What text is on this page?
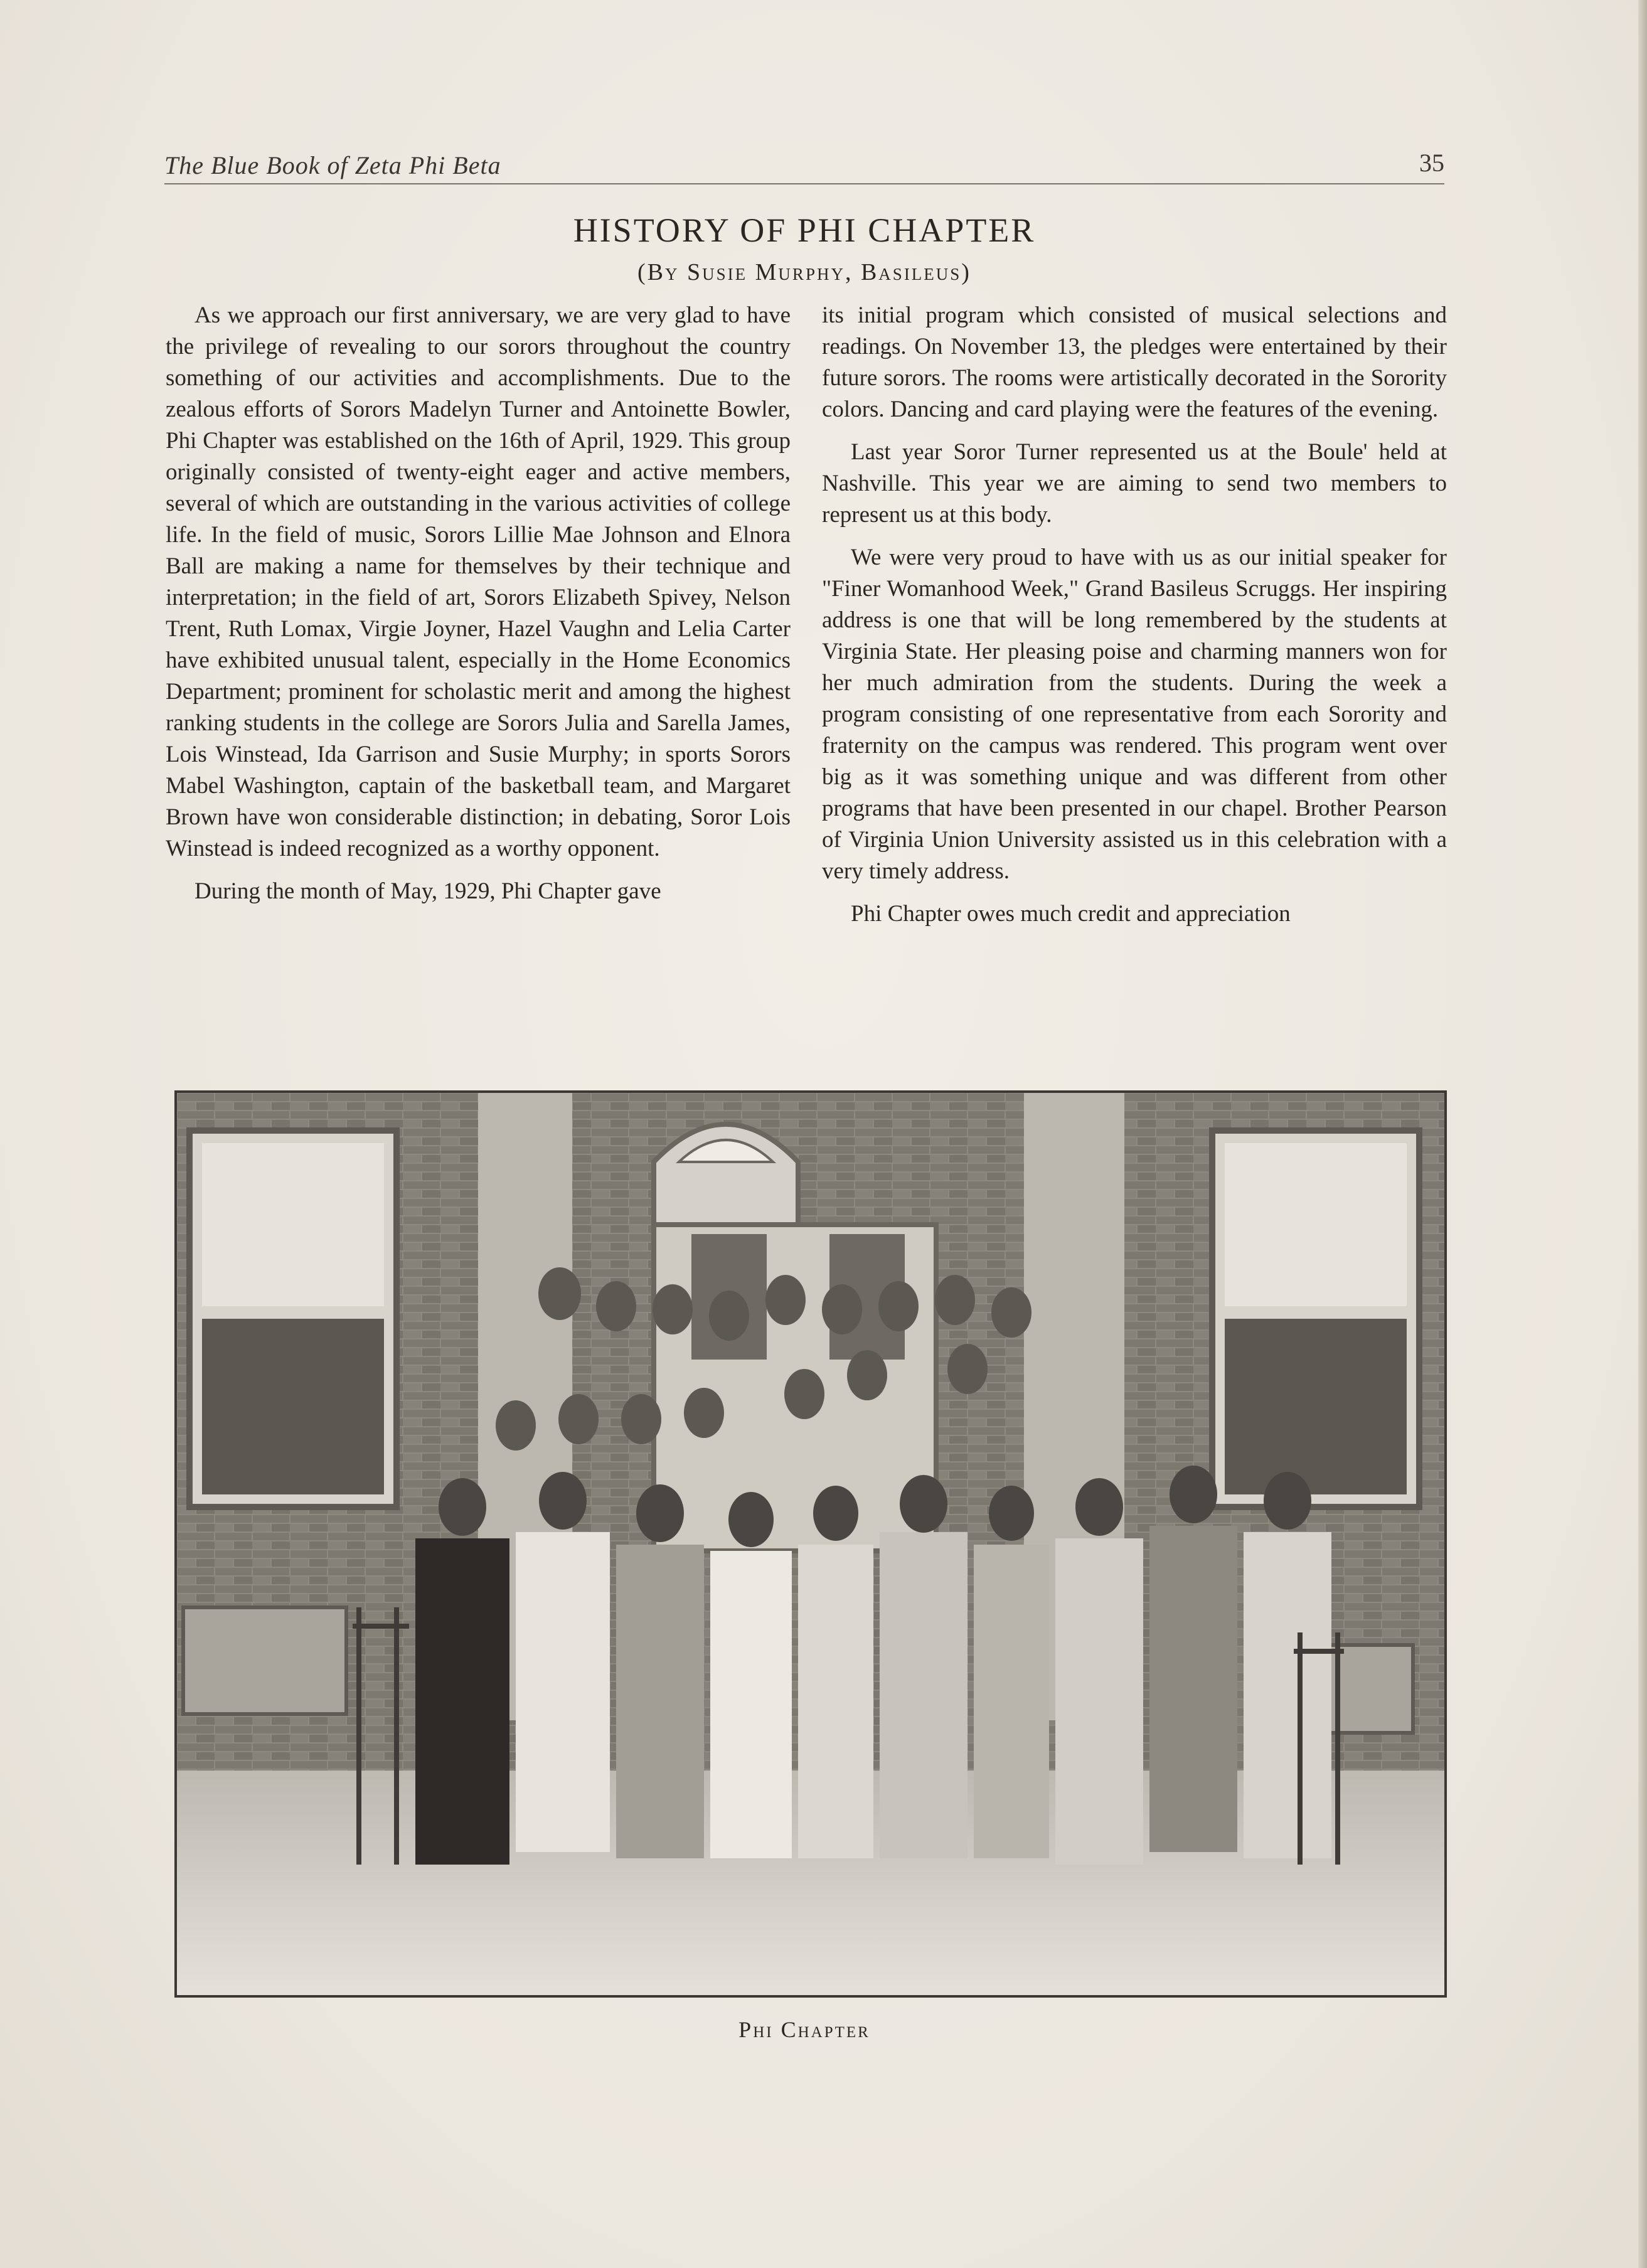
The Blue Book of Zeta Phi Beta	35
HISTORY OF PHI CHAPTER
(By Susie Murphy, Basileus)

As we approach our first anniversary, we are very glad to have the privilege of revealing to our sorors throughout the country something of our activities and accomplishments. Due to the zealous efforts of Sorors Madelyn Turner and Antoinette Bowler, Phi Chapter was established on the 16th of April, 1929. This group originally consisted of twenty-eight eager and active members, several of which are outstanding in the various activities of college life. In the field of music, Sorors Lillie Mae Johnson and Elnora Ball are making a name for themselves by their technique and interpretation; in the field of art, Sorors Elizabeth Spivey, Nelson Trent, Ruth Lomax, Virgie Joyner, Hazel Vaughn and Lelia Carter have exhibited unusual talent, especially in the Home Economics Department; prominent for scholastic merit and among the highest ranking students in the college are Sorors Julia and Sarella James, Lois Winstead, Ida Garrison and Susie Murphy; in sports Sorors Mabel Washington, captain of the basketball team, and Margaret Brown have won considerable distinction; in debating, Soror Lois Winstead is indeed recognized as a worthy opponent.

During the month of May, 1929, Phi Chapter gave

its initial program which consisted of musical selections and readings. On November 13, the pledges were entertained by their future sorors. The rooms were artistically decorated in the Sorority colors. Dancing and card playing were the features of the evening.

Last year Soror Turner represented us at the Boule' held at Nashville. This year we are aiming to send two members to represent us at this body.

We were very proud to have with us as our initial speaker for "Finer Womanhood Week," Grand Basileus Scruggs. Her inspiring address is one that will be long remembered by the students at Virginia State. Her pleasing poise and charming manners won for her much admiration from the students. During the week a program consisting of one representative from each Sorority and fraternity on the campus was rendered. This program went over big as it was something unique and was different from other programs that have been presented in our chapel. Brother Pearson of Virginia Union University assisted us in this celebration with a very timely address.

Phi Chapter owes much credit and appreciation

Phi Chapter
